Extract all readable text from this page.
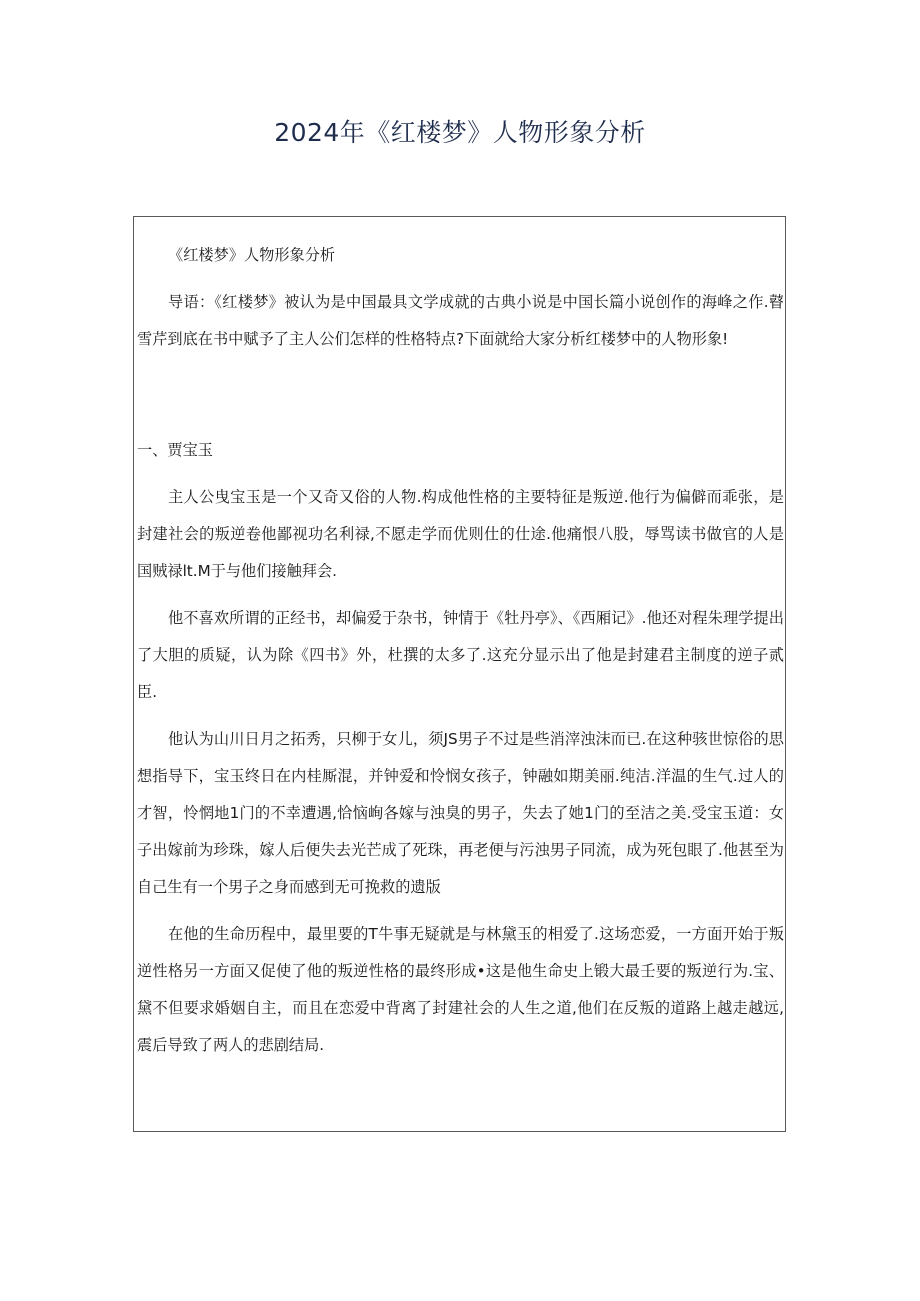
2024年《红楼梦》人物形象分析

《红楼梦》人物形象分析

导语：《红楼梦》被认为是中国最具文学成就的古典小说是中国长篇小说创作的海峰之作.瞽雪芹到底在书中赋予了主人公们怎样的性格特点?下面就给大家分析红楼梦中的人物形象!

一、贾宝玉

主人公曳宝玉是一个又奇又俗的人物.构成他性格的主要特征是叛逆.他行为偏僻而乖张，是封建社会的叛逆卷他鄙视功名利禄,不愿走学而优则仕的仕途.他痛恨八股，辱骂读书做官的人是国贼禄lt.M于与他们接触拜会.

他不喜欢所谓的正经书，却偏爱于杂书，钟情于《牡丹亭》、《西厢记》.他还对程朱理学提出了大胆的质疑，认为除《四书》外，杜撰的太多了.这充分显示出了他是封建君主制度的逆子贰臣.

他认为山川日月之拓秀，只柳于女儿，须JS男子不过是些消滓浊沫而已.在这种骇世惊俗的思想指导下，宝玉终日在内桂厮混，并钟爱和怜悯女孩子，钟融如期美丽.纯洁.洋温的生气.过人的才智，怜惘地1门的不幸遭遇,恰恼峋各嫁与浊臭的男子，失去了她1门的至洁之美.受宝玉道：女子出嫁前为珍珠，嫁人后便失去光芒成了死珠，再老便与污浊男子同流，成为死包眼了.他甚至为自己生有一个男子之身而感到无可挽救的遗版

在他的生命历程中，最里要的T牛事无疑就是与林黛玉的相爱了.这场恋爱，一方面开始于叛逆性格另一方面又促使了他的叛逆性格的最终形成•这是他生命史上锻大最壬要的叛逆行为.宝、黛不但要求婚姻自主，而且在恋爱中背离了封建社会的人生之道,他们在反叛的道路上越走越远,震后导致了两人的悲剧结局.
